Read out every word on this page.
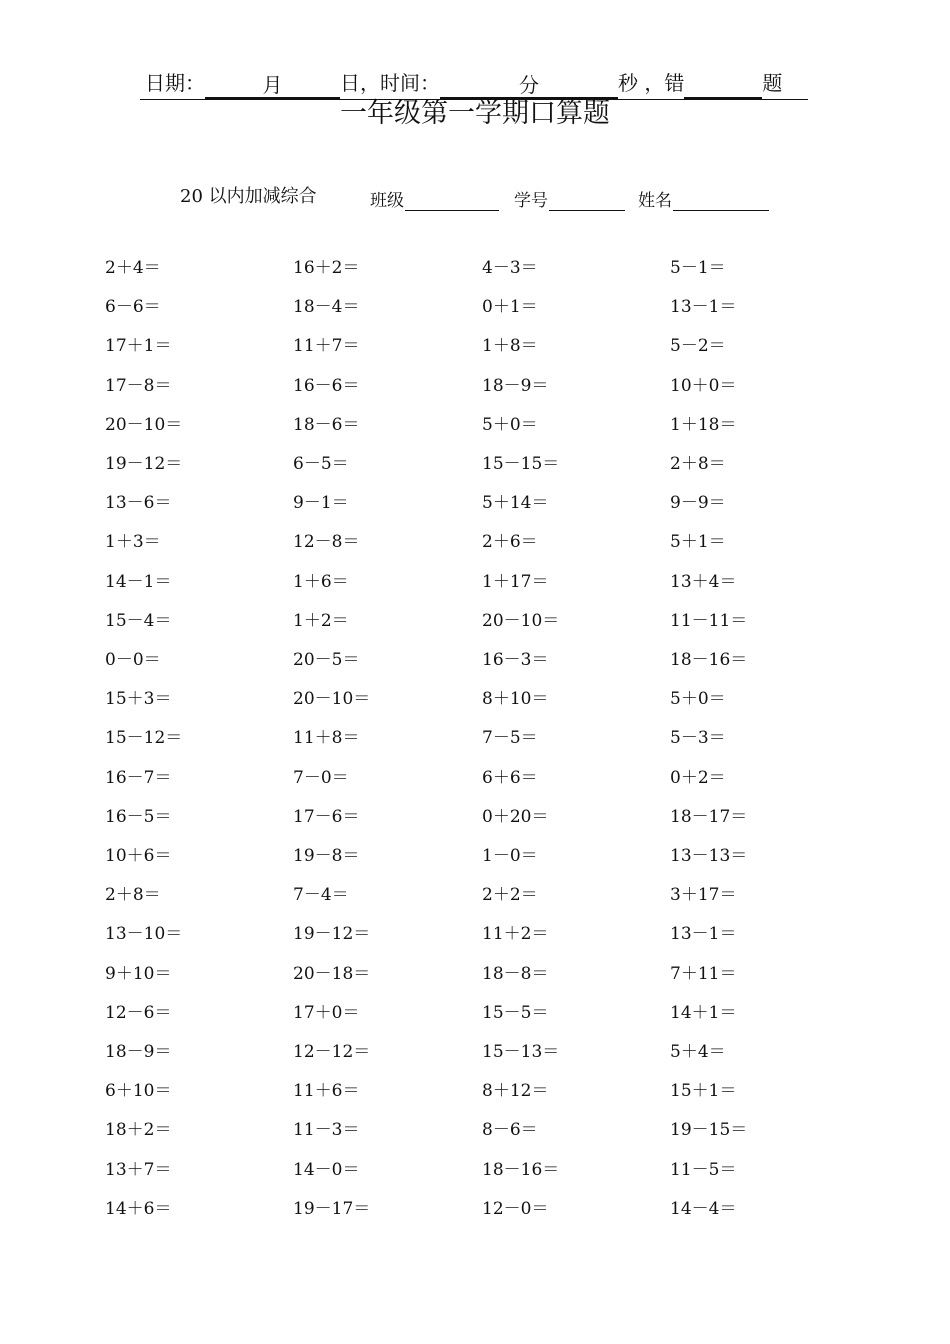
日期：	月	日，时间：	分	秒 ，错	题
一年级第一学期口算题
20 以内加减综合	班级	学号	姓名
2＋4＝	16＋2＝	4－3＝	5－1＝
6－6＝	18－4＝	0＋1＝	13－1＝
17＋1＝	11＋7＝	1＋8＝	5－2＝
17－8＝	16－6＝	18－9＝	10＋0＝
20－10＝	18－6＝	5＋0＝	1＋18＝
19－12＝	6－5＝	15－15＝	2＋8＝
13－6＝	9－1＝	5＋14＝	9－9＝
1＋3＝	12－8＝	2＋6＝	5＋1＝
14－1＝	1＋6＝	1＋17＝	13＋4＝
15－4＝	1＋2＝	20－10＝	11－11＝
0－0＝	20－5＝	16－3＝	18－16＝
15＋3＝	20－10＝	8＋10＝	5＋0＝
15－12＝	11＋8＝	7－5＝	5－3＝
16－7＝	7－0＝	6＋6＝	0＋2＝
16－5＝	17－6＝	0＋20＝	18－17＝
10＋6＝	19－8＝	1－0＝	13－13＝
2＋8＝	7－4＝	2＋2＝	3＋17＝
13－10＝	19－12＝	11＋2＝	13－1＝
9＋10＝	20－18＝	18－8＝	7＋11＝
12－6＝	17＋0＝	15－5＝	14＋1＝
18－9＝	12－12＝	15－13＝	5＋4＝
6＋10＝	11＋6＝	8＋12＝	15＋1＝
18＋2＝	11－3＝	8－6＝	19－15＝
13＋7＝	14－0＝	18－16＝	11－5＝
14＋6＝	19－17＝	12－0＝	14－4＝
